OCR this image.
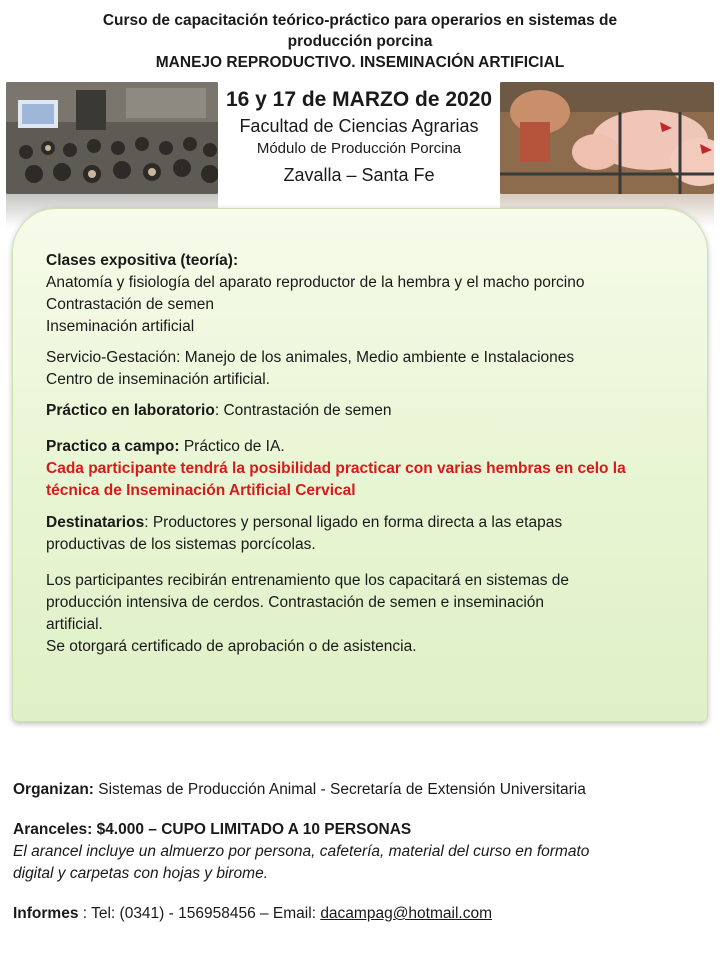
Curso de capacitación teórico-práctico para operarios en sistemas de
producción porcina
MANEJO REPRODUCTIVO. INSEMINACIÓN ARTIFICIAL
16 y 17 de MARZO de 2020
Facultad de Ciencias Agrarias
Módulo de Producción Porcina
Zavalla – Santa Fe

Clases expositiva (teoría):

Anatomía y fisiología del aparato reproductor de la hembra y el macho porcino

Contrastación de semen

Inseminación artificial

Servicio-Gestación: Manejo de los animales, Medio ambiente e Instalaciones

Centro de inseminación artificial.

Práctico en laboratorio: Contrastación de semen

Practico a campo: Práctico de IA.

Cada participante tendrá la posibilidad practicar con varias hembras en celo la

técnica de Inseminación Artificial Cervical

Destinatarios: Productores y personal ligado en forma directa a las etapas

productivas de los sistemas porcícolas.

Los participantes recibirán entrenamiento que los capacitará en sistemas de

producción intensiva de cerdos. Contrastación de semen e inseminación

artificial.

Se otorgará certificado de aprobación o de asistencia.

Organizan: Sistemas de Producción Animal - Secretaría de Extensión Universitaria
Aranceles: $4.000 – CUPO LIMITADO A 10 PERSONAS
El arancel incluye un almuerzo por persona, cafetería, material del curso en formato
digital y carpetas con hojas y birome.
Informes : Tel: (0341) - 156958456 – Email: dacampag@hotmail.com
